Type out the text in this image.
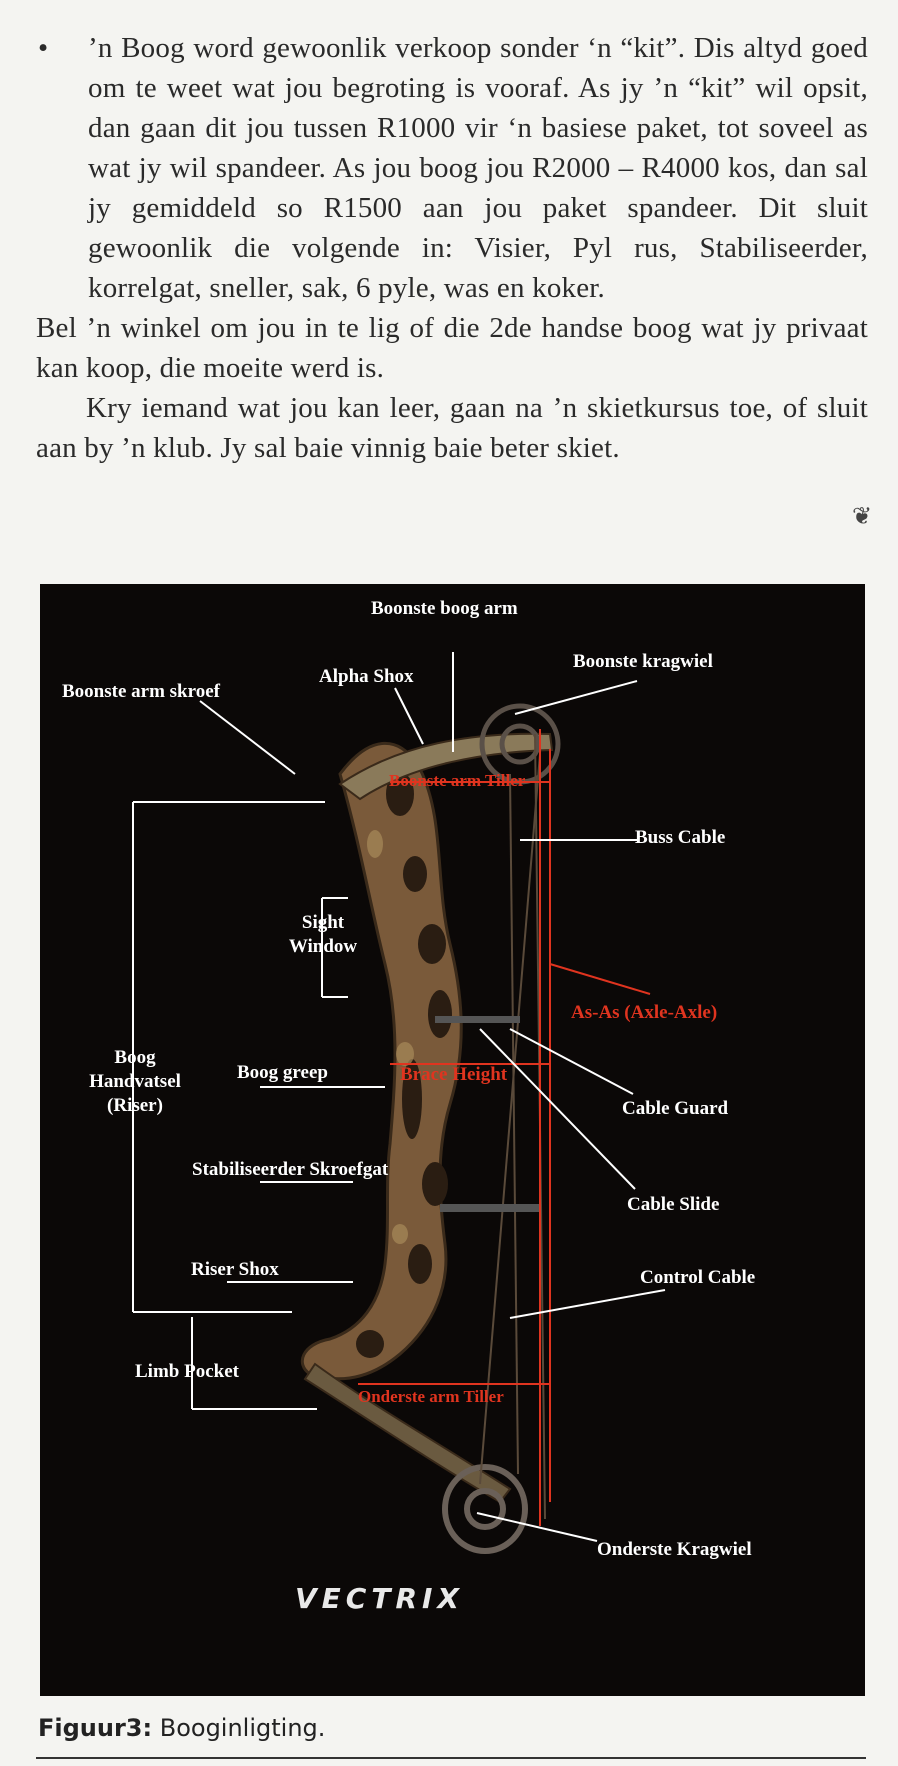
•	’n Boog word gewoonlik verkoop sonder ‘n “kit”. Dis altyd goed om te weet wat jou begroting is vooraf. As jy ’n “kit” wil opsit, dan gaan dit jou tussen R1000 vir ‘n basiese paket, tot soveel as wat jy wil spandeer. As jou boog jou R2000 – R4000 kos, dan sal jy gemiddeld so R1500 aan jou paket spandeer. Dit sluit gewoonlik die volgende in: Visier, Pyl rus, Stabiliseerder, korrelgat, sneller, sak, 6 pyle, was en koker.
Bel ’n winkel om jou in te lig of die 2de handse boog wat jy privaat kan koop, die moeite werd is.
Kry iemand wat jou kan leer, gaan na ’n skietkursus toe, of sluit aan by ’n klub. Jy sal baie vinnig baie beter skiet.
❦
Boonste boog arm
Boonste kragwiel
Alpha Shox
Boonste arm skroef
Boonste arm Tiller
Buss Cable
Sight
Window
As-As (Axle-Axle)
Boog
Handvatsel
(Riser)
Boog greep	Brace Height
Cable Guard
Stabiliseerder Skroefgat
Cable Slide
Riser Shox	Control Cable
Limb Pocket
Onderste arm Tiller
Onderste Kragwiel
VECTRIX
Figuur3: Booginligting.
